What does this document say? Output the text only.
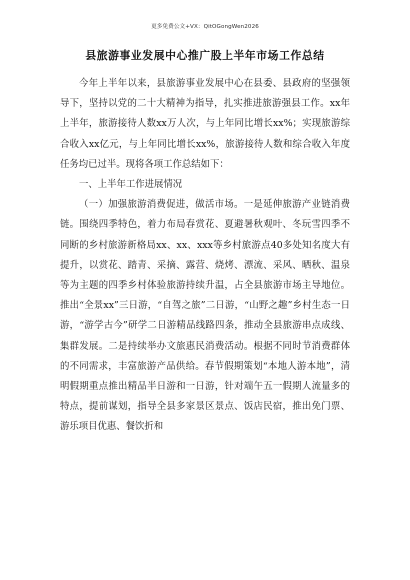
更多免费公文+VX：QitOGongWen2026
县旅游事业发展中心推广股上半年市场工作总结

今年上半年以来，县旅游事业发展中心在县委、县政府的坚强领导下，坚持以党的二十大精神为指导，扎实推进旅游强县工作。xx年上半年，旅游接待人数xx万人次，与上年同比增长xx%；实现旅游综合收入xx亿元，与上年同比增长xx%，旅游接待人数和综合收入年度任务均已过半。现将各项工作总结如下：

一、上半年工作进展情况

（一）加强旅游消费促进，做活市场。一是延伸旅游产业链消费链。围绕四季特色，着力布局春赏花、夏避暑秋观叶、冬玩雪四季不同断的乡村旅游新格局xx、xx、xxx等乡村旅游点40多处知名度大有提升，以赏花、踏青、采摘、露营、烧烤、漂流、采风、晒秋、温泉等为主题的四季乡村体验旅游持续升温，占全县旅游市场主导地位。推出“全景xx”三日游，“自驾之旅”二日游，“山野之趣”乡村生态一日游，“游学古今”研学二日游精品线路四条，推动全县旅游串点成线、集群发展。二是持续举办文旅惠民消费活动。根据不同时节消费群体的不同需求，丰富旅游产品供给。春节假期策划“本地人游本地”，清明假期重点推出精品半日游和一日游，针对端午五一假期人流量多的特点，提前谋划，指导全县多家景区景点、饭店民宿，推出免门票、游乐项目优惠、餐饮折和
